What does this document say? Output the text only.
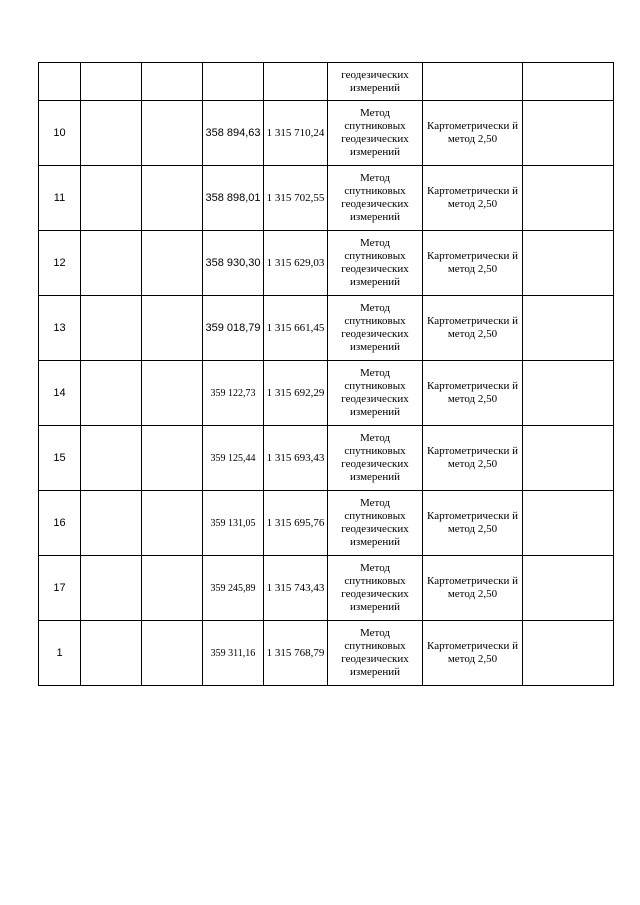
					геодезических измерений		

10			358 894,63	1 315 710,24	Метод спутниковых геодезических измерений	Картометрически й метод 2,50	

11			358 898,01	1 315 702,55	Метод спутниковых геодезических измерений	Картометрически й метод 2,50	

12			358 930,30	1 315 629,03	Метод спутниковых геодезических измерений	Картометрически й метод 2,50	

13			359 018,79	1 315 661,45	Метод спутниковых геодезических измерений	Картометрически й метод 2,50	

14			359 122,73	1 315 692,29	Метод спутниковых геодезических измерений	Картометрически й метод 2,50	

15			359 125,44	1 315 693,43	Метод спутниковых геодезических измерений	Картометрически й метод 2,50	

16			359 131,05	1 315 695,76	Метод спутниковых геодезических измерений	Картометрически й метод 2,50	

17			359 245,89	1 315 743,43	Метод спутниковых геодезических измерений	Картометрически й метод 2,50	

1			359 311,16	1 315 768,79	Метод спутниковых геодезических измерений	Картометрически й метод 2,50	
